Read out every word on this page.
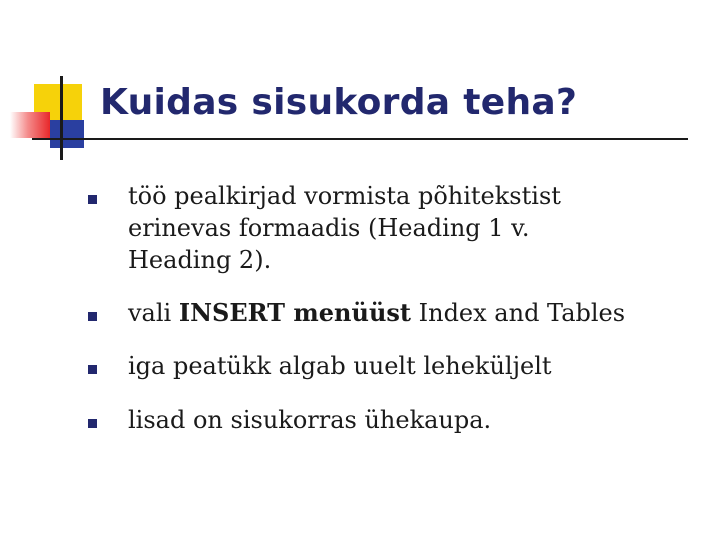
Kuidas sisukorda teha?
töö pealkirjad vormista põhitekstist
erinevas formaadis (Heading 1 v.
Heading 2).
vali INSERT menüüst Index and Tables
iga peatükk algab uuelt leheküljelt
lisad on sisukorras ühekaupa.
